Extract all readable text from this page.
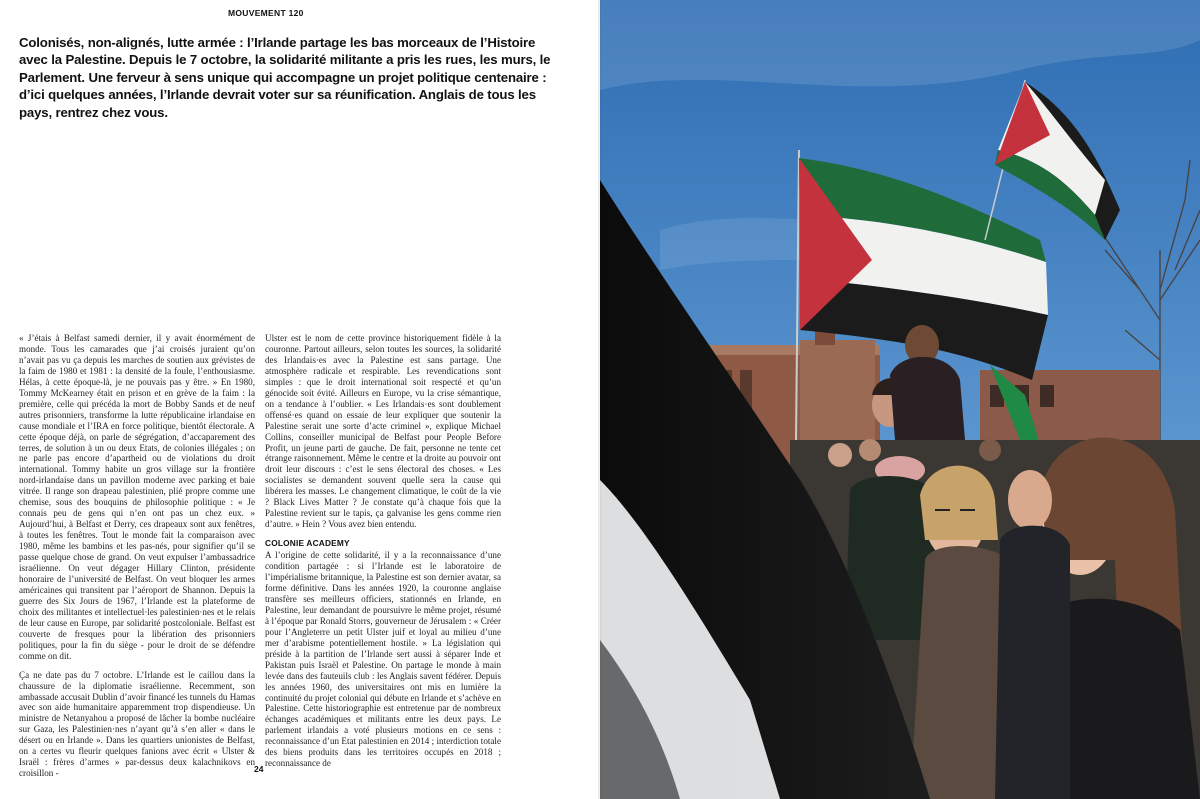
MOUVEMENT 120

Colonisés, non-alignés, lutte armée : l’Irlande partage les bas morceaux de l’Histoire avec la Palestine. Depuis le 7 octobre, la solidarité militante a pris les rues, les murs, le Parlement. Une ferveur à sens unique qui accompagne un projet politique centenaire : d’ici quelques années, l’Irlande devrait voter sur sa réunification. Anglais de tous les pays, rentrez chez vous.

« J’étais à Belfast samedi dernier, il y avait énormément de monde. Tous les camarades que j’ai croisés juraient qu’on n’avait pas vu ça depuis les marches de soutien aux grévistes de la faim de 1980 et 1981 : la densité de la foule, l’enthousiasme. Hélas, à cette époque-là, je ne pouvais pas y être. » En 1980, Tommy McKearney était en prison et en grève de la faim : la première, celle qui précéda la mort de Bobby Sands et de neuf autres prisonniers, transforme la lutte républicaine irlandaise en cause mondiale et l’IRA en force politique, bientôt électorale. A cette époque déjà, on parle de ségrégation, d’accaparement des terres, de solution à un ou deux Etats, de colonies illégales ; on ne parle pas encore d’apartheid ou de violations du droit international. Tommy habite un gros village sur la frontière nord-irlandaise dans un pavillon moderne avec parking et baie vitrée. Il range son drapeau palestinien, plié propre comme une chemise, sous des bouquins de philosophie politique : « Je connais peu de gens qui n’en ont pas un chez eux. » Aujourd’hui, à Belfast et Derry, ces drapeaux sont aux fenêtres, à toutes les fenêtres. Tout le monde fait la comparaison avec 1980, même les bambins et les pas-nés, pour signifier qu’il se passe quelque chose de grand. On veut expulser l’ambassadrice israélienne. On veut dégager Hillary Clinton, présidente honoraire de l’université de Belfast. On veut bloquer les armes américaines qui transitent par l’aéroport de Shannon. Depuis la guerre des Six Jours de 1967, l’Irlande est la plateforme de choix des militantes et intellectuel·les palestinien·nes et le relais de leur cause en Europe, par solidarité postcoloniale. Belfast est couverte de fresques pour la libération des prisonniers politiques, pour la fin du siège - pour le droit de se défendre comme on dit.

Ça ne date pas du 7 octobre. L’Irlande est le caillou dans la chaussure de la diplomatie israélienne. Recemment, son ambassade accusait Dublin d’avoir financé les tunnels du Hamas avec son aide humanitaire apparemment trop dispendieuse. Un ministre de Netanyahou a proposé de lâcher la bombe nucléaire sur Gaza, les Palestinien·nes n’ayant qu’à s’en aller « dans le désert ou en Irlande ». Dans les quartiers unionistes de Belfast, on a certes vu fleurir quelques fanions avec écrit « Ulster & Israël : frères d’armes » par-dessus deux kalachnikovs en croisillon -

Ulster est le nom de cette province historiquement fidèle à la couronne. Partout ailleurs, selon toutes les sources, la solidarité des Irlandais·es avec la Palestine est sans partage. Une atmosphère radicale et respirable. Les revendications sont simples : que le droit international soit respecté et qu’un génocide soit évité. Ailleurs en Europe, vu la crise sémantique, on a tendance à l’oublier. « Les Irlandais·es sont doublement offensé·es quand on essaie de leur expliquer que soutenir la Palestine serait une sorte d’acte criminel », explique Michael Collins, conseiller municipal de Belfast pour People Before Profit, un jeune parti de gauche. De fait, personne ne tente cet étrange raisonnement. Même le centre et la droite au pouvoir ont droit leur discours : c’est le sens électoral des choses. « Les socialistes se demandent souvent quelle sera la cause qui libérera les masses. Le changement climatique, le coût de la vie ? Black Lives Matter ? Je constate qu’à chaque fois que la Palestine revient sur le tapis, ça galvanise les gens comme rien d’autre. » Hein ? Vous avez bien entendu.

COLONIE ACADEMY

A l’origine de cette solidarité, il y a la reconnaissance d’une condition partagée : si l’Irlande est le laboratoire de l’impérialisme britannique, la Palestine est son dernier avatar, sa forme définitive. Dans les années 1920, la couronne anglaise transfère ses meilleurs officiers, stationnés en Irlande, en Palestine, leur demandant de poursuivre le même projet, résumé à l’époque par Ronald Storrs, gouverneur de Jérusalem : « Créer pour l’Angleterre un petit Ulster juif et loyal au milieu d’une mer d’arabisme potentiellement hostile. » La législation qui préside à la partition de l’Irlande sert aussi à séparer Inde et Pakistan puis Israël et Palestine. On partage le monde à main levée dans des fauteuils club : les Anglais savent fédérer. Depuis les années 1960, des universitaires ont mis en lumière la continuité du projet colonial qui débute en Irlande et s’achève en Palestine. Cette historiographie est entretenue par de nombreux échanges académiques et militants entre les deux pays. Le parlement irlandais a voté plusieurs motions en ce sens : reconnaissance d’un Etat palestinien en 2014 ; interdiction totale des biens produits dans les territoires occupés en 2018 ; reconnaissance de

24
